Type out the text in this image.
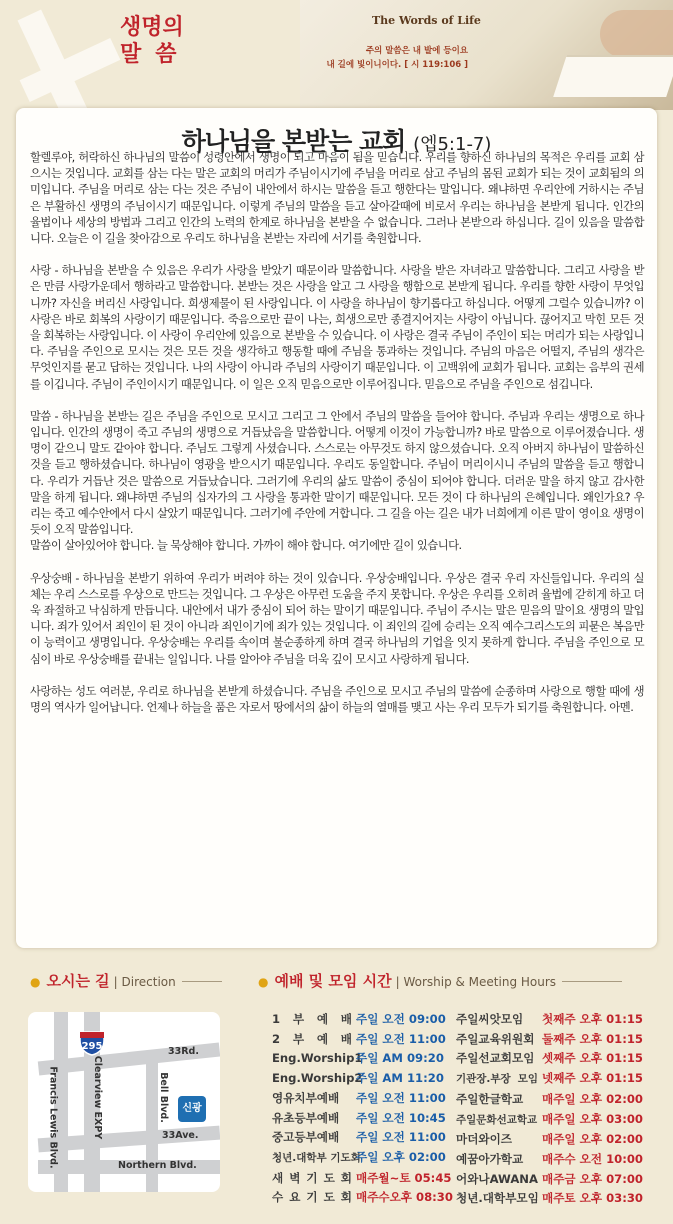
생명의
말씀
The Words of Life
주의 말씀은 내 발에 등이요
내 길에 빛이니이다. [ 시 119:106 ]
하나님을 본받는 교회 (엡5:1-7)

할렐루야, 허락하신 하나님의 말씀이 성령안에서 생명이 되고 마음이 됨을 믿습니다. 우리를 향하신 하나님의 목적은 우리를 교회 삼으시는 것입니다. 교회를 삼는 다는 말은 교회의 머리가 주님이시기에 주님을 머리로 삼고 주님의 몸된 교회가 되는 것이 교회됨의 의미입니다. 주님을 머리로 삼는 다는 것은 주님이 내안에서 하시는 말씀을 듣고 행한다는 말입니다. 왜냐하면 우리안에 거하시는 주님은 부활하신 생명의 주님이시기 때문입니다. 이렇게 주님의 말씀을 듣고 살아갈때에 비로서 우리는 하나님을 본받게 됩니다. 인간의 율법이나 세상의 방법과 그리고 인간의 노력의 한계로 하나님을 본받을 수 없습니다. 그러나 본받으라 하십니다. 길이 있음을 말씀합니다. 오늘은 이 길을 찾아감으로 우리도 하나님을 본받는 자리에 서기를 축원합니다.

사랑 - 하나님을 본받을 수 있음은 우리가 사랑을 받았기 때문이라 말씀합니다. 사랑을 받은 자녀라고 말씀합니다. 그리고 사랑을 받은 만큼 사랑가운데서 행하라고 말씀합니다. 본받는 것은 사랑을 알고 그 사랑을 행함으로 본받게 됩니다. 우리를 향한 사랑이 무엇입니까? 자신을 버리신 사랑입니다. 희생제물이 된 사랑입니다. 이 사랑을 하나님이 향기롭다고 하십니다. 어떻게 그럴수 있습니까? 이 사랑은 바로 회복의 사랑이기 때문입니다. 죽음으로만 끝이 나는, 희생으로만 종결지어지는 사랑이 아닙니다. 끊어지고 막힌 모든 것을 회복하는 사랑입니다. 이 사랑이 우리안에 있음으로 본받을 수 있습니다. 이 사랑은 결국 주님이 주인이 되는 머리가 되는 사랑입니다. 주님을 주인으로 모시는 것은 모든 것을 생각하고 행동할 때에 주님을 통과하는 것입니다. 주님의 마음은 어떨지, 주님의 생각은 무엇인지를 묻고 답하는 것입니다. 나의 사랑이 아니라 주님의 사랑이기 때문입니다. 이 고백위에 교회가 됩니다. 교회는 음부의 권세를 이깁니다. 주님이 주인이시기 때문입니다. 이 일은 오직 믿음으로만 이루어집니다. 믿음으로 주님을 주인으로 섬깁니다.

말씀 - 하나님을 본받는 길은 주님을 주인으로 모시고 그리고 그 안에서 주님의 말씀을 들어야 합니다. 주님과 우리는 생명으로 하나입니다. 인간의 생명이 죽고 주님의 생명으로 거듭났음을 말씀합니다. 어떻게 이것이 가능합니까? 바로 말씀으로 이루어졌습니다. 생명이 같으니 말도 같아야 합니다. 주님도 그렇게 사셨습니다. 스스로는 아무것도 하지 않으셨습니다. 오직 아버지 하나님이 말씀하신 것을 듣고 행하셨습니다. 하나님이 영광을 받으시기 때문입니다. 우리도 동일합니다. 주님이 머리이시니 주님의 말씀을 듣고 행합니다. 우리가 거듭난 것은 말씀으로 거듭났습니다. 그러기에 우리의 삶도 말씀이 중심이 되어야 합니다. 더러운 말을 하지 않고 감사한 말을 하게 됩니다. 왜냐하면 주님의 십자가의 그 사랑을 통과한 말이기 때문입니다. 모든 것이 다 하나님의 은혜입니다. 왜인가요? 우리는 죽고 예수안에서 다시 살았기 때문입니다. 그러기에 주안에 거합니다. 그 길을 아는 길은 내가 너희에게 이른 말이 영이요 생명이듯이 오직 말씀입니다.
말씀이 살아있어야 합니다. 늘 묵상해야 합니다. 가까이 해야 합니다. 여기에만 길이 있습니다.

우상숭배 - 하나님을 본받기 위하여 우리가 버려야 하는 것이 있습니다. 우상숭배입니다. 우상은 결국 우리 자신들입니다. 우리의 실체는 우리 스스로를 우상으로 만드는 것입니다. 그 우상은 아무런 도움을 주지 못합니다. 우상은 우리를 오히려 율법에 갇히게 하고 더욱 좌절하고 낙심하게 만듭니다. 내안에서 내가 중심이 되어 하는 말이기 때문입니다. 주님이 주시는 말은 믿음의 말이요 생명의 말입니다. 죄가 있어서 죄인이 된 것이 아니라 죄인이기에 죄가 있는 것입니다. 이 죄인의 길에 승리는 오직 예수그리스도의 피묻은 복음만이 능력이고 생명입니다. 우상숭배는 우리를 속이며 불순종하게 하며 결국 하나님의 기업을 잇지 못하게 합니다. 주님을 주인으로 모심이 바로 우상숭배를 끝내는 일입니다. 나를 알아야 주님을 더욱 깊이 모시고 사랑하게 됩니다.

사랑하는 성도 여러분, 우리로 하나님을 본받게 하셨습니다. 주님을 주인으로 모시고 주님의 말씀에 순종하며 사랑으로 행할 때에 생명의 역사가 일어납니다. 언제나 하늘을 품은 자로서 땅에서의 삶이 하늘의 열매를 맺고 사는 우리 모두가 되기를 축원합니다. 아멘.

● 오시는 길 | Direction
33Rd.
33Ave.
Northern Blvd.
Francis Lewis Blvd.	Clearview EXPY	Bell Blvd.
295
신광
● 예배 및 모임 시간 | Worship & Meeting Hours
1 부 예 배 주일 오전 09:00
2 부 예 배 주일 오전 11:00
Eng.Worship1주일 AM 09:20
Eng.Worship2주일 AM 11:20
영유치부예배 주일 오전 11:00
유초등부예배 주일 오전 10:45
중고등부예배 주일 오전 11:00
청년.대학부 기도회주일 오후 02:00
새 벽 기 도 회 매주월~토 05:45
수 요 기 도 회 매주수오후 08:30
주일씨앗모임 첫째주 오후 01:15
주일교육위원회 둘째주 오후 01:15
주일선교회모임 셋째주 오후 01:15
기관장.부장 모임 넷째주 오후 01:15
주일한글학교 매주일 오후 02:00
주일문화선교학교 매주일 오후 03:00
마더와이즈	매주일 오후 02:00
예꿈아가학교 매주수 오전 10:00
어와나AWANA 매주금 오후 07:00
청년.대학부모임 매주토 오후 03:30
